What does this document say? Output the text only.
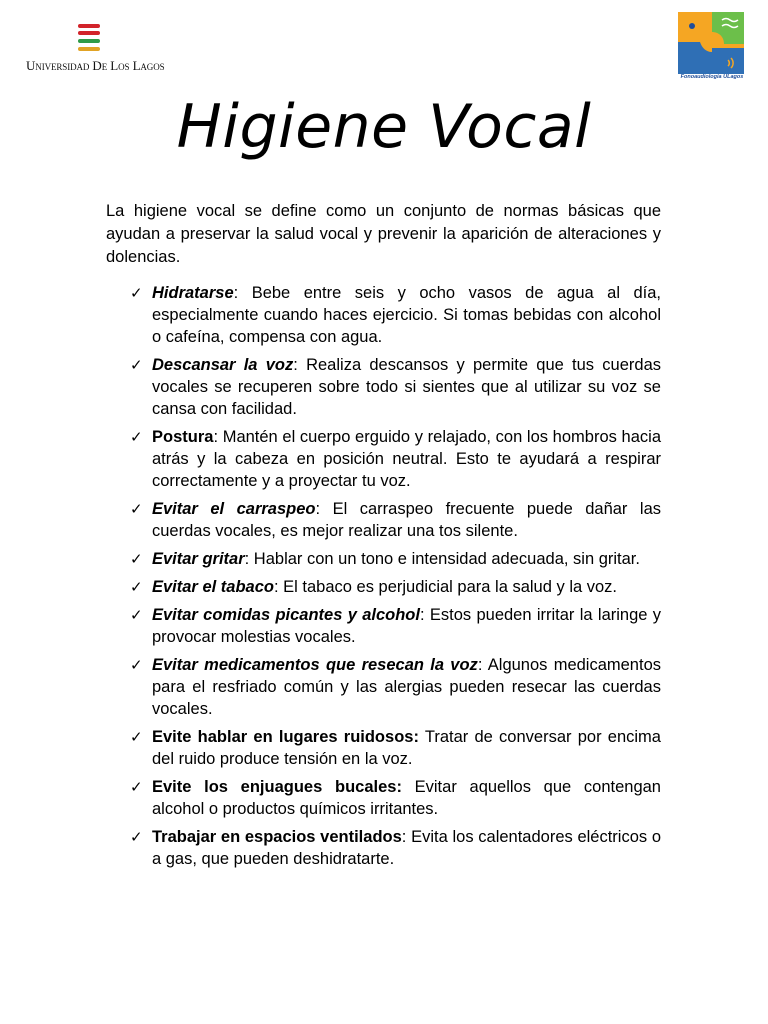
Universidad De Los Lagos
Fonoaudiología ULagos
Higiene Vocal

La higiene vocal se define como un conjunto de normas básicas que ayudan a preservar la salud vocal y prevenir la aparición de alteraciones y dolencias.

✓ Hidratarse: Bebe entre seis y ocho vasos de agua al día, especialmente cuando haces ejercicio. Si tomas bebidas con alcohol o cafeína, compensa con agua.
✓ Descansar la voz: Realiza descansos y permite que tus cuerdas vocales se recuperen sobre todo si sientes que al utilizar su voz se cansa con facilidad.
✓ Postura: Mantén el cuerpo erguido y relajado, con los hombros hacia atrás y la cabeza en posición neutral. Esto te ayudará a respirar correctamente y a proyectar tu voz.
✓ Evitar el carraspeo: El carraspeo frecuente puede dañar las cuerdas vocales, es mejor realizar una tos silente.
✓ Evitar gritar: Hablar con un tono e intensidad adecuada, sin gritar.
✓ Evitar el tabaco: El tabaco es perjudicial para la salud y la voz.
✓ Evitar comidas picantes y alcohol: Estos pueden irritar la laringe y provocar molestias vocales.
✓ Evitar medicamentos que resecan la voz: Algunos medicamentos para el resfriado común y las alergias pueden resecar las cuerdas vocales.
✓ Evite hablar en lugares ruidosos: Tratar de conversar por encima del ruido produce tensión en la voz.
✓ Evite los enjuagues bucales: Evitar aquellos que contengan alcohol o productos químicos irritantes.
✓ Trabajar en espacios ventilados: Evita los calentadores eléctricos o a gas, que pueden deshidratarte.
